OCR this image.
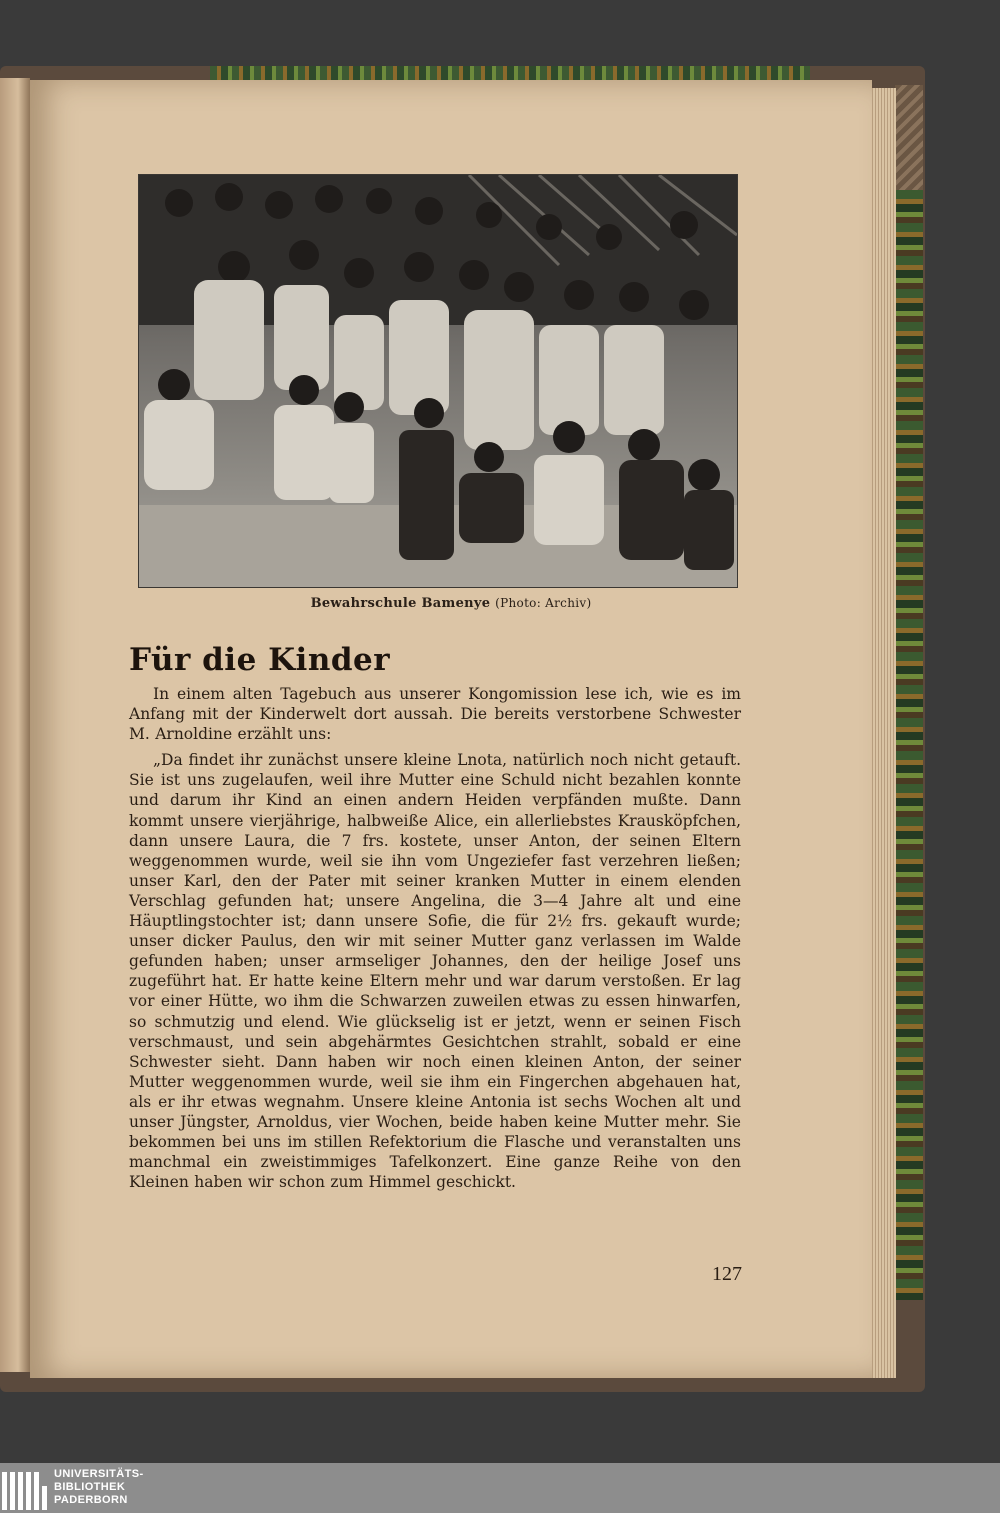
Bewahrschule Bamenye (Photo: Archiv)
Für die Kinder

In einem alten Tagebuch aus unserer Kongomission lese ich, wie es im Anfang mit der Kinderwelt dort aussah. Die bereits verstorbene Schwester M. Arnoldine erzählt uns:

„Da findet ihr zunächst unsere kleine Lnota, natürlich noch nicht getauft. Sie ist uns zugelaufen, weil ihre Mutter eine Schuld nicht bezahlen konnte und darum ihr Kind an einen andern Heiden verpfänden mußte. Dann kommt unsere vierjährige, halbweiße Alice, ein allerliebstes Krausköpfchen, dann unsere Laura, die 7 frs. kostete, unser Anton, der seinen Eltern weggenommen wurde, weil sie ihn vom Ungeziefer fast verzehren ließen; unser Karl, den der Pater mit seiner kranken Mutter in einem elenden Verschlag gefunden hat; unsere Angelina, die 3—4 Jahre alt und eine Häuptlingstochter ist; dann unsere Sofie, die für 2½ frs. gekauft wurde; unser dicker Paulus, den wir mit seiner Mutter ganz verlassen im Walde gefunden haben; unser armseliger Johannes, den der heilige Josef uns zugeführt hat. Er hatte keine Eltern mehr und war darum verstoßen. Er lag vor einer Hütte, wo ihm die Schwarzen zuweilen etwas zu essen hinwarfen, so schmutzig und elend. Wie glückselig ist er jetzt, wenn er seinen Fisch verschmaust, und sein abgehärmtes Gesichtchen strahlt, sobald er eine Schwester sieht. Dann haben wir noch einen kleinen Anton, der seiner Mutter weggenommen wurde, weil sie ihm ein Fingerchen abgehauen hat, als er ihr etwas wegnahm. Unsere kleine Antonia ist sechs Wochen alt und unser Jüngster, Arnoldus, vier Wochen, beide haben keine Mutter mehr. Sie bekommen bei uns im stillen Refektorium die Flasche und veranstalten uns manchmal ein zweistimmiges Tafelkonzert. Eine ganze Reihe von den Kleinen haben wir schon zum Himmel geschickt.

127
UNIVERSITÄTS-
BIBLIOTHEK
PADERBORN
